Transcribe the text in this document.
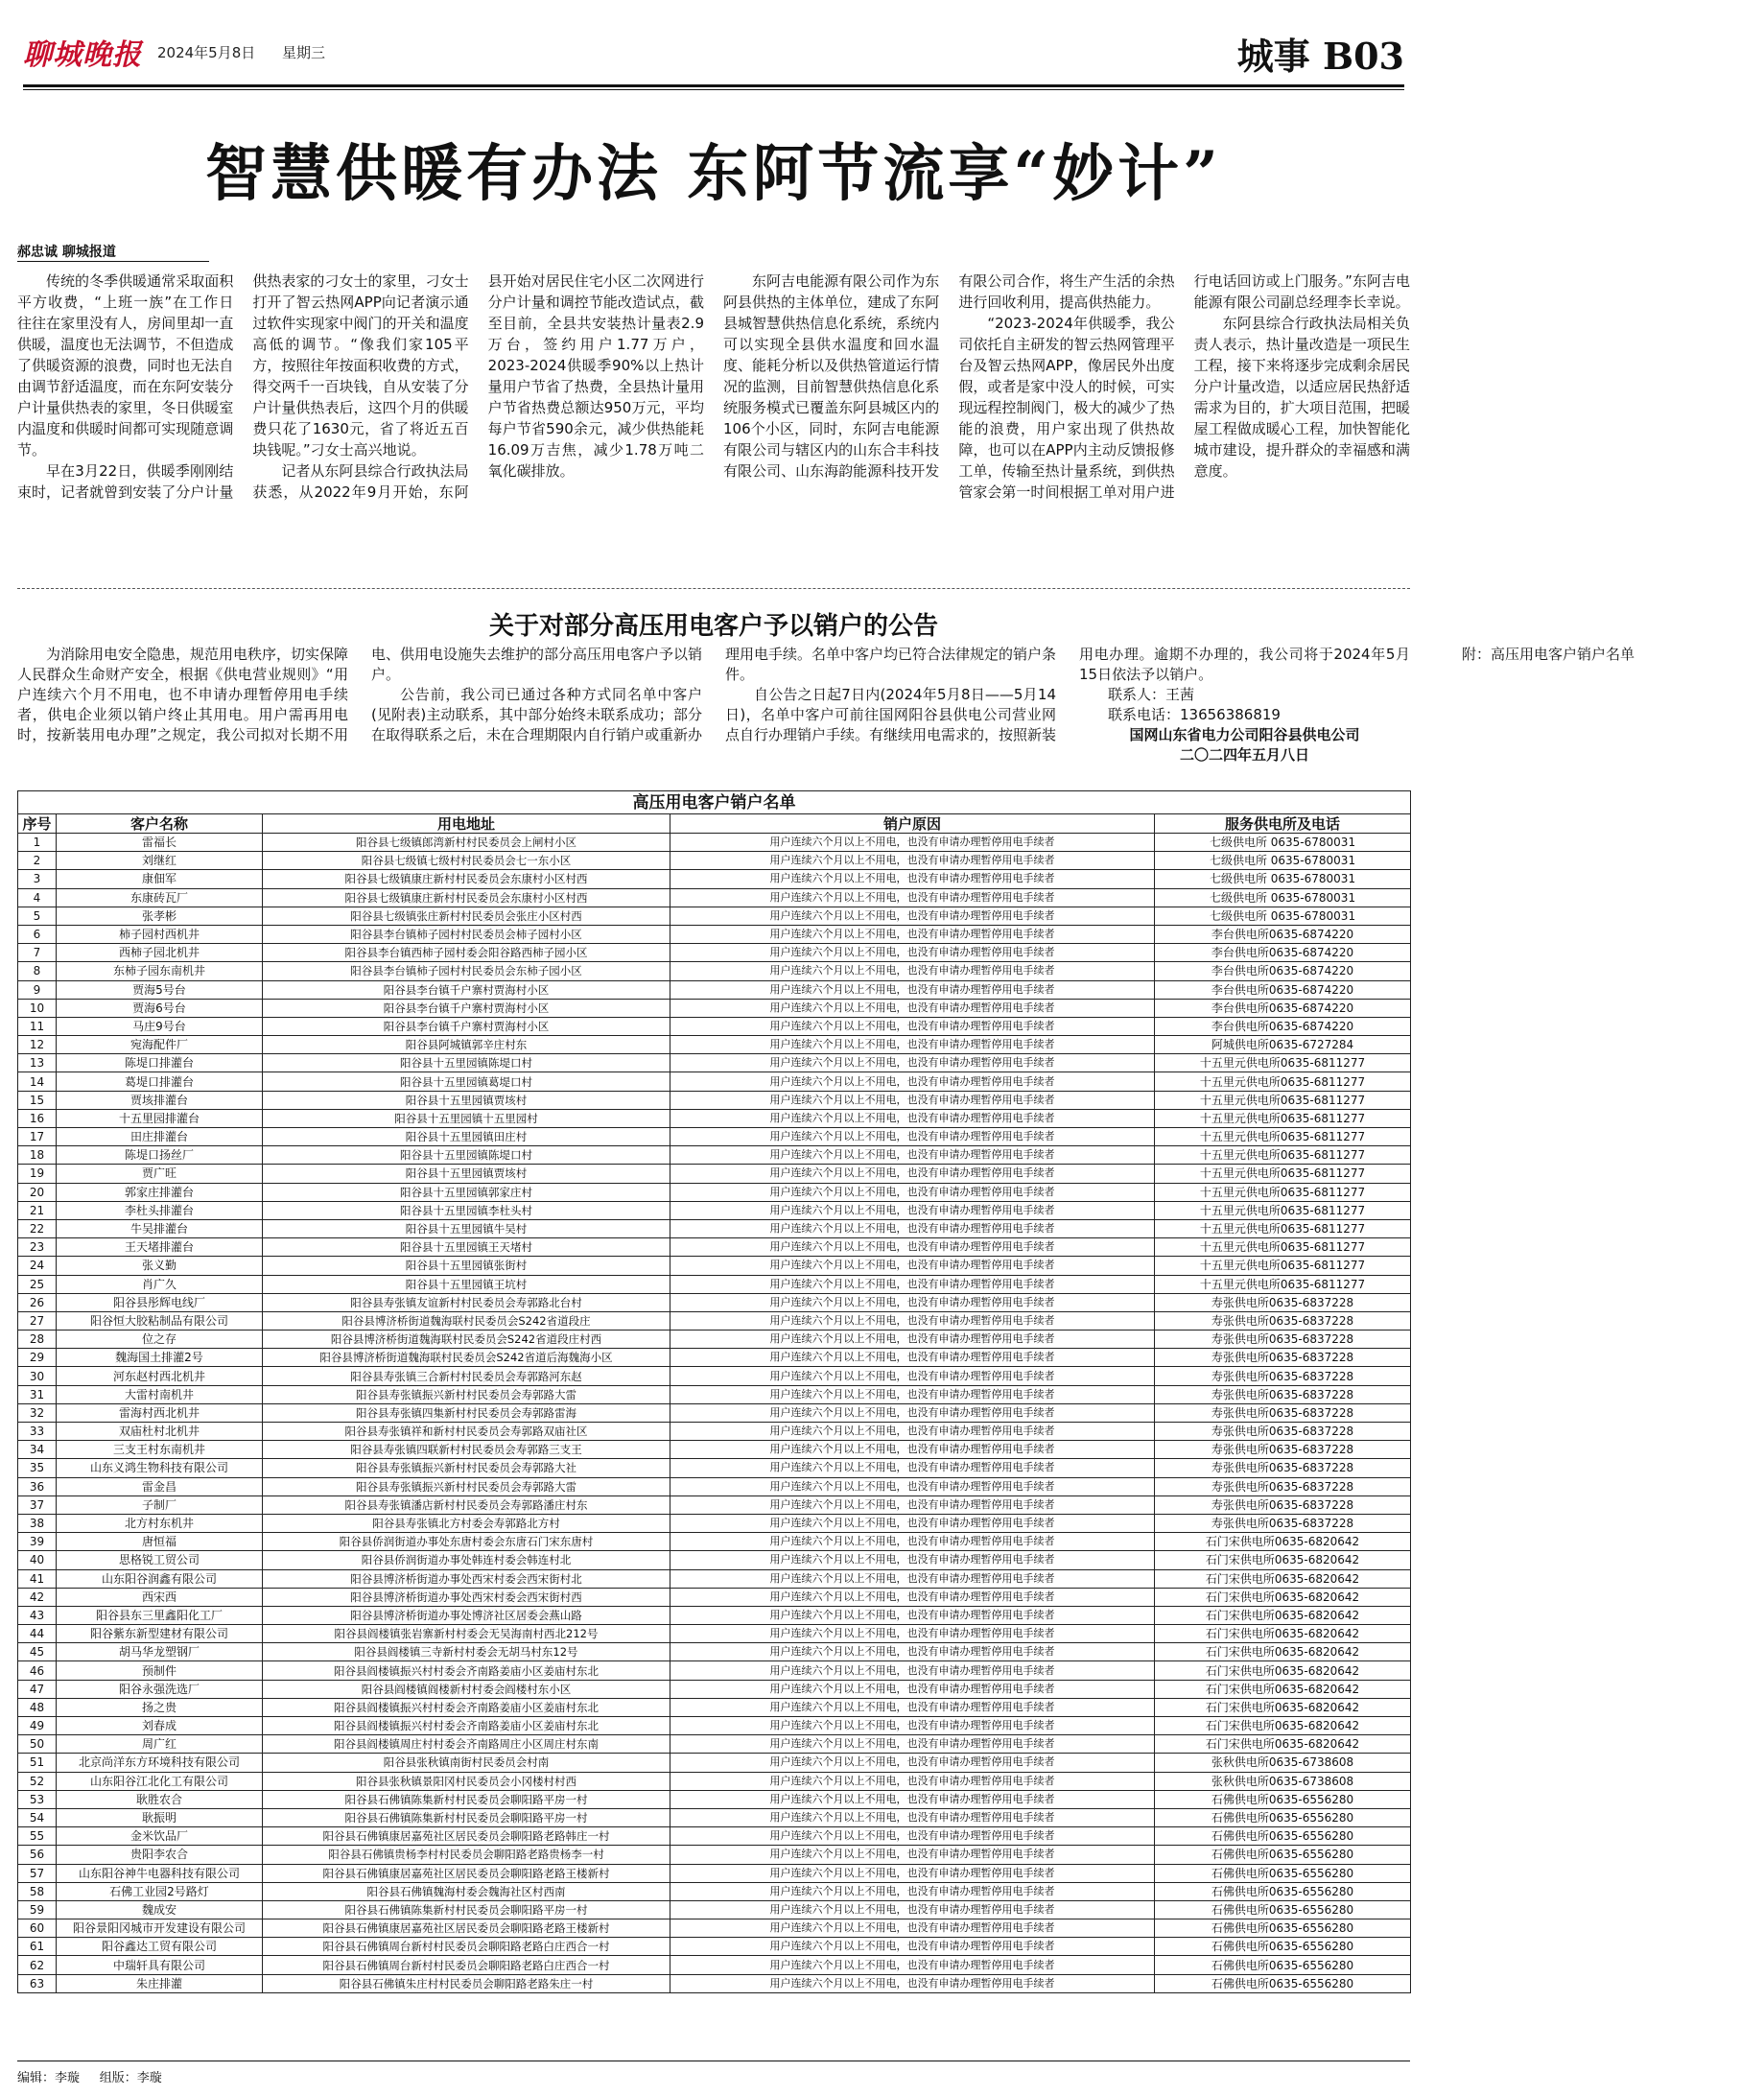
聊城晚报 2024年5月8日 星期三	城事 B03
智慧供暖有办法 东阿节流享“妙计”
郝忠诚 聊城报道

传统的冬季供暖通常采取面积平方收费，“上班一族”在工作日往往在家里没有人，房间里却一直供暖，温度也无法调节，不但造成了供暖资源的浪费，同时也无法自由调节舒适温度，而在东阿安装分户计量供热表的家里，冬日供暖室内温度和供暖时间都可实现随意调节。

早在3月22日，供暖季刚刚结束时，记者就曾到安装了分户计量供热表家的刁女士的家里，刁女士打开了智云热网APP向记者演示通过软件实现家中阀门的开关和温度高低的调节。“像我们家105平方，按照往年按面积收费的方式，得交两千一百块钱，自从安装了分户计量供热表后，这四个月的供暖费只花了1630元，省了将近五百块钱呢。”刁女士高兴地说。

记者从东阿县综合行政执法局获悉，从2022年9月开始，东阿县开始对居民住宅小区二次网进行分户计量和调控节能改造试点，截至目前，全县共安装热计量表2.9万台，签约用户1.77万户，2023-2024供暖季90%以上热计量用户节省了热费，全县热计量用户节省热费总额达950万元，平均每户节省590余元，减少供热能耗16.09万吉焦，减少1.78万吨二氧化碳排放。

东阿吉电能源有限公司作为东阿县供热的主体单位，建成了东阿县城智慧供热信息化系统，系统内可以实现全县供水温度和回水温度、能耗分析以及供热管道运行情况的监测，目前智慧供热信息化系统服务模式已覆盖东阿县城区内的106个小区，同时，东阿吉电能源有限公司与辖区内的山东合丰科技有限公司、山东海韵能源科技开发有限公司合作，将生产生活的余热进行回收利用，提高供热能力。

“2023-2024年供暖季，我公司依托自主研发的智云热网管理平台及智云热网APP，像居民外出度假，或者是家中没人的时候，可实现远程控制阀门，极大的减少了热能的浪费，用户家出现了供热故障，也可以在APP内主动反馈报修工单，传输至热计量系统，到供热管家会第一时间根据工单对用户进行电话回访或上门服务。”东阿吉电能源有限公司副总经理李长幸说。

东阿县综合行政执法局相关负责人表示，热计量改造是一项民生工程，接下来将逐步完成剩余居民分户计量改造，以适应居民热舒适需求为目的，扩大项目范围，把暖屋工程做成暖心工程，加快智能化城市建设，提升群众的幸福感和满意度。

关于对部分高压用电客户予以销户的公告

为消除用电安全隐患，规范用电秩序，切实保障人民群众生命财产安全，根据《供电营业规则》“用户连续六个月不用电，也不申请办理暂停用电手续者，供电企业须以销户终止其用电。用户需再用电时，按新装用电办理”之规定，我公司拟对长期不用电、供用电设施失去维护的部分高压用电客户予以销户。

公告前，我公司已通过各种方式同名单中客户(见附表)主动联系，其中部分始终未联系成功；部分在取得联系之后，未在合理期限内自行销户或重新办理用电手续。名单中客户均已符合法律规定的销户条件。

自公告之日起7日内(2024年5月8日——5月14日)，名单中客户可前往国网阳谷县供电公司营业网点自行办理销户手续。有继续用电需求的，按照新装用电办理。逾期不办理的，我公司将于2024年5月15日依法予以销户。

联系人：王茜

联系电话：13656386819

国网山东省电力公司阳谷县供电公司

二〇二四年五月八日

附：高压用电客户销户名单

高压用电客户销户名单				
序号	客户名称	用电地址	销户原因	服务供电所及电话
1	雷福长	阳谷县七级镇郎湾新村村民委员会上闸村小区	用户连续六个月以上不用电，也没有申请办理暂停用电手续者	七级供电所 0635-6780031
2	刘继红	阳谷县七级镇七级村村民委员会七一东小区	用户连续六个月以上不用电，也没有申请办理暂停用电手续者	七级供电所 0635-6780031
3	康佃军	阳谷县七级镇康庄新村村民委员会东康村小区村西	用户连续六个月以上不用电，也没有申请办理暂停用电手续者	七级供电所 0635-6780031
4	东康砖瓦厂	阳谷县七级镇康庄新村村民委员会东康村小区村西	用户连续六个月以上不用电，也没有申请办理暂停用电手续者	七级供电所 0635-6780031
5	张孝彬	阳谷县七级镇张庄新村村民委员会张庄小区村西	用户连续六个月以上不用电，也没有申请办理暂停用电手续者	七级供电所 0635-6780031
6	柿子园村西机井	阳谷县李台镇柿子园村村民委员会柿子园村小区	用户连续六个月以上不用电，也没有申请办理暂停用电手续者	李台供电所0635-6874220
7	西柿子园北机井	阳谷县李台镇西柿子园村委会阳谷路西柿子园小区	用户连续六个月以上不用电，也没有申请办理暂停用电手续者	李台供电所0635-6874220
8	东柿子园东南机井	阳谷县李台镇柿子园村村民委员会东柿子园小区	用户连续六个月以上不用电，也没有申请办理暂停用电手续者	李台供电所0635-6874220
9	贾海5号台	阳谷县李台镇千户寨村贾海村小区	用户连续六个月以上不用电，也没有申请办理暂停用电手续者	李台供电所0635-6874220
10	贾海6号台	阳谷县李台镇千户寨村贾海村小区	用户连续六个月以上不用电，也没有申请办理暂停用电手续者	李台供电所0635-6874220
11	马庄9号台	阳谷县李台镇千户寨村贾海村小区	用户连续六个月以上不用电，也没有申请办理暂停用电手续者	李台供电所0635-6874220
12	宛海配件厂	阳谷县阿城镇郭辛庄村东	用户连续六个月以上不用电，也没有申请办理暂停用电手续者	阿城供电所0635-6727284
13	陈堤口排灌台	阳谷县十五里园镇陈堤口村	用户连续六个月以上不用电，也没有申请办理暂停用电手续者	十五里元供电所0635-6811277
14	葛堤口排灌台	阳谷县十五里园镇葛堤口村	用户连续六个月以上不用电，也没有申请办理暂停用电手续者	十五里元供电所0635-6811277
15	贾垓排灌台	阳谷县十五里园镇贾垓村	用户连续六个月以上不用电，也没有申请办理暂停用电手续者	十五里元供电所0635-6811277
16	十五里园排灌台	阳谷县十五里园镇十五里园村	用户连续六个月以上不用电，也没有申请办理暂停用电手续者	十五里元供电所0635-6811277
17	田庄排灌台	阳谷县十五里园镇田庄村	用户连续六个月以上不用电，也没有申请办理暂停用电手续者	十五里元供电所0635-6811277
18	陈堤口扬丝厂	阳谷县十五里园镇陈堤口村	用户连续六个月以上不用电，也没有申请办理暂停用电手续者	十五里元供电所0635-6811277
19	贾广旺	阳谷县十五里园镇贾垓村	用户连续六个月以上不用电，也没有申请办理暂停用电手续者	十五里元供电所0635-6811277
20	郭家庄排灌台	阳谷县十五里园镇郭家庄村	用户连续六个月以上不用电，也没有申请办理暂停用电手续者	十五里元供电所0635-6811277
21	李杜头排灌台	阳谷县十五里园镇李杜头村	用户连续六个月以上不用电，也没有申请办理暂停用电手续者	十五里元供电所0635-6811277
22	牛吴排灌台	阳谷县十五里园镇牛吴村	用户连续六个月以上不用电，也没有申请办理暂停用电手续者	十五里元供电所0635-6811277
23	王天堵排灌台	阳谷县十五里园镇王天堵村	用户连续六个月以上不用电，也没有申请办理暂停用电手续者	十五里元供电所0635-6811277
24	张义勤	阳谷县十五里园镇张街村	用户连续六个月以上不用电，也没有申请办理暂停用电手续者	十五里元供电所0635-6811277
25	肖广久	阳谷县十五里园镇王坑村	用户连续六个月以上不用电，也没有申请办理暂停用电手续者	十五里元供电所0635-6811277
26	阳谷县彤辉电线厂	阳谷县寿张镇友谊新村村民委员会寿郭路北台村	用户连续六个月以上不用电，也没有申请办理暂停用电手续者	寿张供电所0635-6837228
27	阳谷恒大胶粘制品有限公司	阳谷县博济桥街道魏海联村民委员会S242省道段庄	用户连续六个月以上不用电，也没有申请办理暂停用电手续者	寿张供电所0635-6837228
28	位之存	阳谷县博济桥街道魏海联村民委员会S242省道段庄村西	用户连续六个月以上不用电，也没有申请办理暂停用电手续者	寿张供电所0635-6837228
29	魏海国土排灌2号	阳谷县博济桥街道魏海联村民委员会S242省道后海魏海小区	用户连续六个月以上不用电，也没有申请办理暂停用电手续者	寿张供电所0635-6837228
30	河东赵村西北机井	阳谷县寿张镇三合新村村民委员会寿郭路河东赵	用户连续六个月以上不用电，也没有申请办理暂停用电手续者	寿张供电所0635-6837228
31	大雷村南机井	阳谷县寿张镇振兴新村村民委员会寿郭路大雷	用户连续六个月以上不用电，也没有申请办理暂停用电手续者	寿张供电所0635-6837228
32	雷海村西北机井	阳谷县寿张镇四集新村村民委员会寿郭路雷海	用户连续六个月以上不用电，也没有申请办理暂停用电手续者	寿张供电所0635-6837228
33	双庙杜村北机井	阳谷县寿张镇祥和新村村民委员会寿郭路双庙社区	用户连续六个月以上不用电，也没有申请办理暂停用电手续者	寿张供电所0635-6837228
34	三支王村东南机井	阳谷县寿张镇四联新村村民委员会寿郭路三支王	用户连续六个月以上不用电，也没有申请办理暂停用电手续者	寿张供电所0635-6837228
35	山东义鸿生物科技有限公司	阳谷县寿张镇振兴新村村民委员会寿郭路大社	用户连续六个月以上不用电，也没有申请办理暂停用电手续者	寿张供电所0635-6837228
36	雷金昌	阳谷县寿张镇振兴新村村民委员会寿郭路大雷	用户连续六个月以上不用电，也没有申请办理暂停用电手续者	寿张供电所0635-6837228
37	子制厂	阳谷县寿张镇潘店新村村民委员会寿郭路潘庄村东	用户连续六个月以上不用电，也没有申请办理暂停用电手续者	寿张供电所0635-6837228
38	北方村东机井	阳谷县寿张镇北方村委会寿郭路北方村	用户连续六个月以上不用电，也没有申请办理暂停用电手续者	寿张供电所0635-6837228
39	唐恒福	阳谷县侨润街道办事处东唐村委会东唐石门宋东唐村	用户连续六个月以上不用电，也没有申请办理暂停用电手续者	石门宋供电所0635-6820642
40	思格锐工贸公司	阳谷县侨润街道办事处韩连村委会韩连村北	用户连续六个月以上不用电，也没有申请办理暂停用电手续者	石门宋供电所0635-6820642
41	山东阳谷润鑫有限公司	阳谷县博济桥街道办事处西宋村委会西宋街村北	用户连续六个月以上不用电，也没有申请办理暂停用电手续者	石门宋供电所0635-6820642
42	西宋西	阳谷县博济桥街道办事处西宋村委会西宋街村西	用户连续六个月以上不用电，也没有申请办理暂停用电手续者	石门宋供电所0635-6820642
43	阳谷县东三里鑫阳化工厂	阳谷县博济桥街道办事处博济社区居委会燕山路	用户连续六个月以上不用电，也没有申请办理暂停用电手续者	石门宋供电所0635-6820642
44	阳谷紫东新型建材有限公司	阳谷县阎楼镇张岩寨新村村委会无吴海南村西北212号	用户连续六个月以上不用电，也没有申请办理暂停用电手续者	石门宋供电所0635-6820642
45	胡马华龙塑钢厂	阳谷县阎楼镇三寺新村村委会无胡马村东12号	用户连续六个月以上不用电，也没有申请办理暂停用电手续者	石门宋供电所0635-6820642
46	预制件	阳谷县阎楼镇振兴村村委会齐南路姜庙小区姜庙村东北	用户连续六个月以上不用电，也没有申请办理暂停用电手续者	石门宋供电所0635-6820642
47	阳谷永强洗选厂	阳谷县阎楼镇阎楼新村村委会阎楼村东小区	用户连续六个月以上不用电，也没有申请办理暂停用电手续者	石门宋供电所0635-6820642
48	扬之贵	阳谷县阎楼镇振兴村村委会齐南路姜庙小区姜庙村东北	用户连续六个月以上不用电，也没有申请办理暂停用电手续者	石门宋供电所0635-6820642
49	刘春成	阳谷县阎楼镇振兴村村委会齐南路姜庙小区姜庙村东北	用户连续六个月以上不用电，也没有申请办理暂停用电手续者	石门宋供电所0635-6820642
50	周广红	阳谷县阎楼镇周庄村村委会齐南路周庄小区周庄村东南	用户连续六个月以上不用电，也没有申请办理暂停用电手续者	石门宋供电所0635-6820642
51	北京尚洋东方环境科技有限公司	阳谷县张秋镇南街村民委员会村南	用户连续六个月以上不用电，也没有申请办理暂停用电手续者	张秋供电所0635-6738608
52	山东阳谷江北化工有限公司	阳谷县张秋镇景阳冈村民委员会小冈楼村村西	用户连续六个月以上不用电，也没有申请办理暂停用电手续者	张秋供电所0635-6738608
53	耿胜农合	阳谷县石佛镇陈集新村村民委员会聊阳路平房一村	用户连续六个月以上不用电，也没有申请办理暂停用电手续者	石佛供电所0635-6556280
54	耿振明	阳谷县石佛镇陈集新村村民委员会聊阳路平房一村	用户连续六个月以上不用电，也没有申请办理暂停用电手续者	石佛供电所0635-6556280
55	金米饮品厂	阳谷县石佛镇康居嘉苑社区居民委员会聊阳路老路韩庄一村	用户连续六个月以上不用电，也没有申请办理暂停用电手续者	石佛供电所0635-6556280
56	贵阳李农合	阳谷县石佛镇贵杨李村村民委员会聊阳路老路贵杨李一村	用户连续六个月以上不用电，也没有申请办理暂停用电手续者	石佛供电所0635-6556280
57	山东阳谷神牛电器科技有限公司	阳谷县石佛镇康居嘉苑社区居民委员会聊阳路老路王楼新村	用户连续六个月以上不用电，也没有申请办理暂停用电手续者	石佛供电所0635-6556280
58	石佛工业园2号路灯	阳谷县石佛镇魏海村委会魏海社区村西南	用户连续六个月以上不用电，也没有申请办理暂停用电手续者	石佛供电所0635-6556280
59	魏成安	阳谷县石佛镇陈集新村村民委员会聊阳路平房一村	用户连续六个月以上不用电，也没有申请办理暂停用电手续者	石佛供电所0635-6556280
60	阳谷景阳冈城市开发建设有限公司	阳谷县石佛镇康居嘉苑社区居民委员会聊阳路老路王楼新村	用户连续六个月以上不用电，也没有申请办理暂停用电手续者	石佛供电所0635-6556280
61	阳谷鑫达工贸有限公司	阳谷县石佛镇周台新村村民委员会聊阳路老路白庄西合一村	用户连续六个月以上不用电，也没有申请办理暂停用电手续者	石佛供电所0635-6556280
62	中瑞轩具有限公司	阳谷县石佛镇周台新村村民委员会聊阳路老路白庄西合一村	用户连续六个月以上不用电，也没有申请办理暂停用电手续者	石佛供电所0635-6556280
63	朱庄排灌	阳谷县石佛镇朱庄村村民委员会聊阳路老路朱庄一村	用户连续六个月以上不用电，也没有申请办理暂停用电手续者	石佛供电所0635-6556280
编辑：李璇 组版：李璇
